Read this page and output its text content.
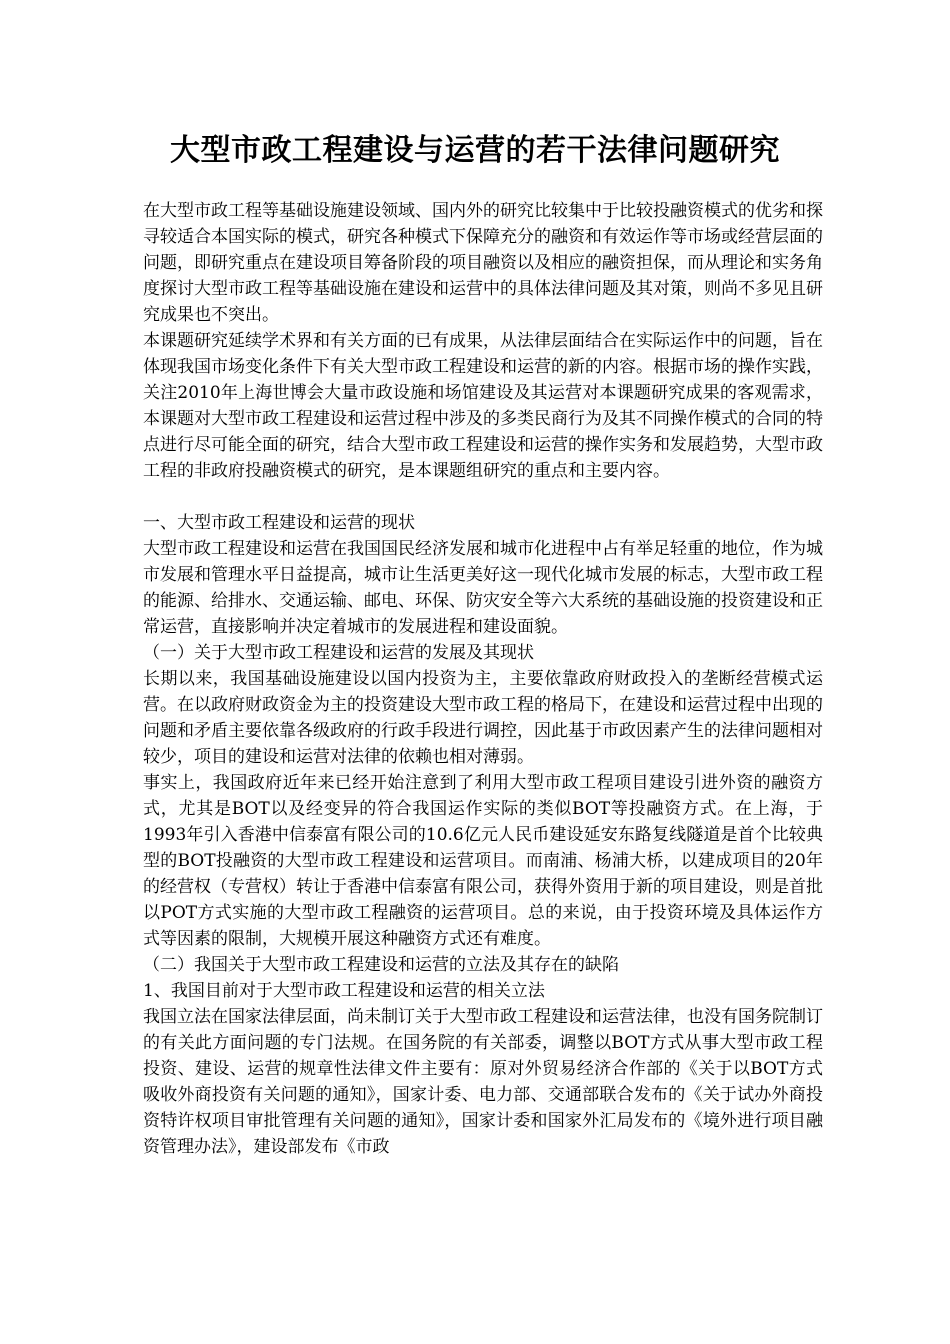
大型市政工程建设与运营的若干法律问题研究

在大型市政工程等基础设施建设领域、国内外的研究比较集中于比较投融资模式的优劣和探寻较适合本国实际的模式，研究各种模式下保障充分的融资和有效运作等市场或经营层面的问题，即研究重点在建设项目筹备阶段的项目融资以及相应的融资担保，而从理论和实务角度探讨大型市政工程等基础设施在建设和运营中的具体法律问题及其对策，则尚不多见且研究成果也不突出。

本课题研究延续学术界和有关方面的已有成果，从法律层面结合在实际运作中的问题，旨在体现我国市场变化条件下有关大型市政工程建设和运营的新的内容。根据市场的操作实践，关注2010年上海世博会大量市政设施和场馆建设及其运营对本课题研究成果的客观需求，本课题对大型市政工程建设和运营过程中涉及的多类民商行为及其不同操作模式的合同的特点进行尽可能全面的研究，结合大型市政工程建设和运营的操作实务和发展趋势，大型市政工程的非政府投融资模式的研究，是本课题组研究的重点和主要内容。

一、大型市政工程建设和运营的现状

大型市政工程建设和运营在我国国民经济发展和城市化进程中占有举足轻重的地位，作为城市发展和管理水平日益提高，城市让生活更美好这一现代化城市发展的标志，大型市政工程的能源、给排水、交通运输、邮电、环保、防灾安全等六大系统的基础设施的投资建设和正常运营，直接影响并决定着城市的发展进程和建设面貌。

（一）关于大型市政工程建设和运营的发展及其现状

长期以来，我国基础设施建设以国内投资为主，主要依靠政府财政投入的垄断经营模式运营。在以政府财政资金为主的投资建设大型市政工程的格局下，在建设和运营过程中出现的问题和矛盾主要依靠各级政府的行政手段进行调控，因此基于市政因素产生的法律问题相对较少，项目的建设和运营对法律的依赖也相对薄弱。

事实上，我国政府近年来已经开始注意到了利用大型市政工程项目建设引进外资的融资方式，尤其是BOT以及经变异的符合我国运作实际的类似BOT等投融资方式。在上海，于1993年引入香港中信泰富有限公司的10.6亿元人民币建设延安东路复线隧道是首个比较典型的BOT投融资的大型市政工程建设和运营项目。而南浦、杨浦大桥，以建成项目的20年的经营权（专营权）转让于香港中信泰富有限公司，获得外资用于新的项目建设，则是首批以POT方式实施的大型市政工程融资的运营项目。总的来说，由于投资环境及具体运作方式等因素的限制，大规模开展这种融资方式还有难度。

（二）我国关于大型市政工程建设和运营的立法及其存在的缺陷

1、我国目前对于大型市政工程建设和运营的相关立法

我国立法在国家法律层面，尚未制订关于大型市政工程建设和运营法律，也没有国务院制订的有关此方面问题的专门法规。在国务院的有关部委，调整以BOT方式从事大型市政工程投资、建设、运营的规章性法律文件主要有：原对外贸易经济合作部的《关于以BOT方式吸收外商投资有关问题的通知》，国家计委、电力部、交通部联合发布的《关于试办外商投资特许权项目审批管理有关问题的通知》，国家计委和国家外汇局发布的《境外进行项目融资管理办法》，建设部发布《市政
